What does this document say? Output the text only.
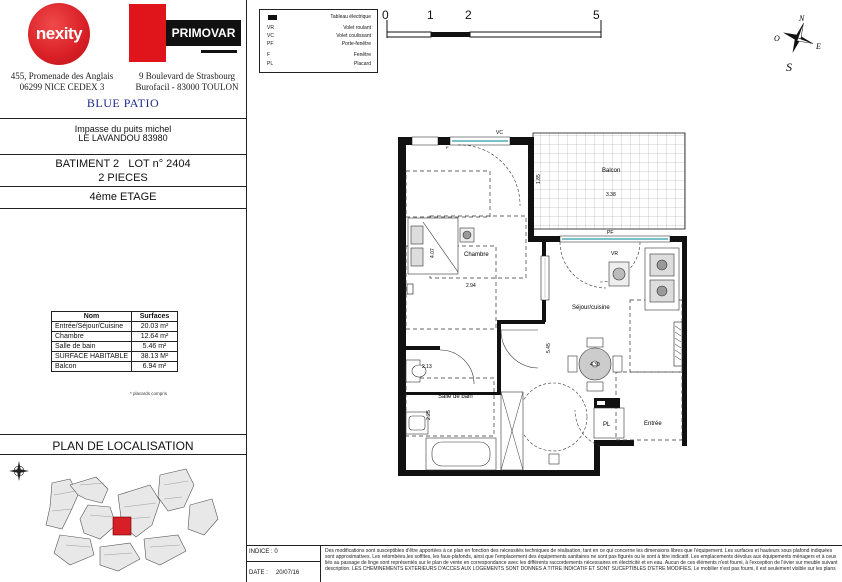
nexity	PRIMOVAR
455, Promenade des Anglais
06299 NICE CEDEX 3
9 Boulevard de Strasbourg
Burofacil - 83000 TOULON
BLUE PATIO
Impasse du puits michel
LE LAVANDOU 83980
BATIMENT 2 LOT n° 2404
2 PIECES
4ème ETAGE
Nom	Surfaces
Entrée/Séjour/Cuisine	20.03 m²
Chambre	12.64 m²
Salle de bain	5.46 m²
SURFACE HABITABLE	38.13 M²
Balcon	6.94 m²
* placards compris
PLAN DE LOCALISATION
Tableau électrique
VR	Volet roulant
VC	Volet coulissant
PF	Porte-fenêtre
F	Fenêtre
PL	Placard
0	1	2	5	N
O
E
S
Balcon
3.38
1.85
VC
F
PF
VR
Chambre
2.94
4.07
4.30
Séjour/cuisine
5.45
Salle de bain
2.13
2.25
PL	Entrée
INDICE : 0
DATE : 20/07/16
Des modifications sont susceptibles d'être apportées à ce plan en fonction des nécessités techniques de réalisation, tant en ce qui concerne les dimensions libres que l'équipement. Les surfaces et hauteurs sous plafond indiquées sont approximatives. Les retombées,les soffites, les faux-plafonds, ainsi que l'emplacement des équipements sanitaires ne sont pas figurés ou le sont à titre indicatif. Les emplacements dévolus aux équipements ménagers et à ceux liés au passage de linge sont représentés sur le plan de vente en correspondance avec les différents raccordements nécessaires en électricité et en eau. Aucun de ces éléments n'est fourni, à l'exception de l'évier sur meuble suivant description. LES CHEMINEMENTS EXTERIEURS D'ACCES AUX LOGEMENTS SONT DONNES A TITRE INDICATIF ET SONT SUCEPTIBLES D'ETRE MODIFIES. Le mobilier n'est pas fourni, il est seulement visible sur les plans
